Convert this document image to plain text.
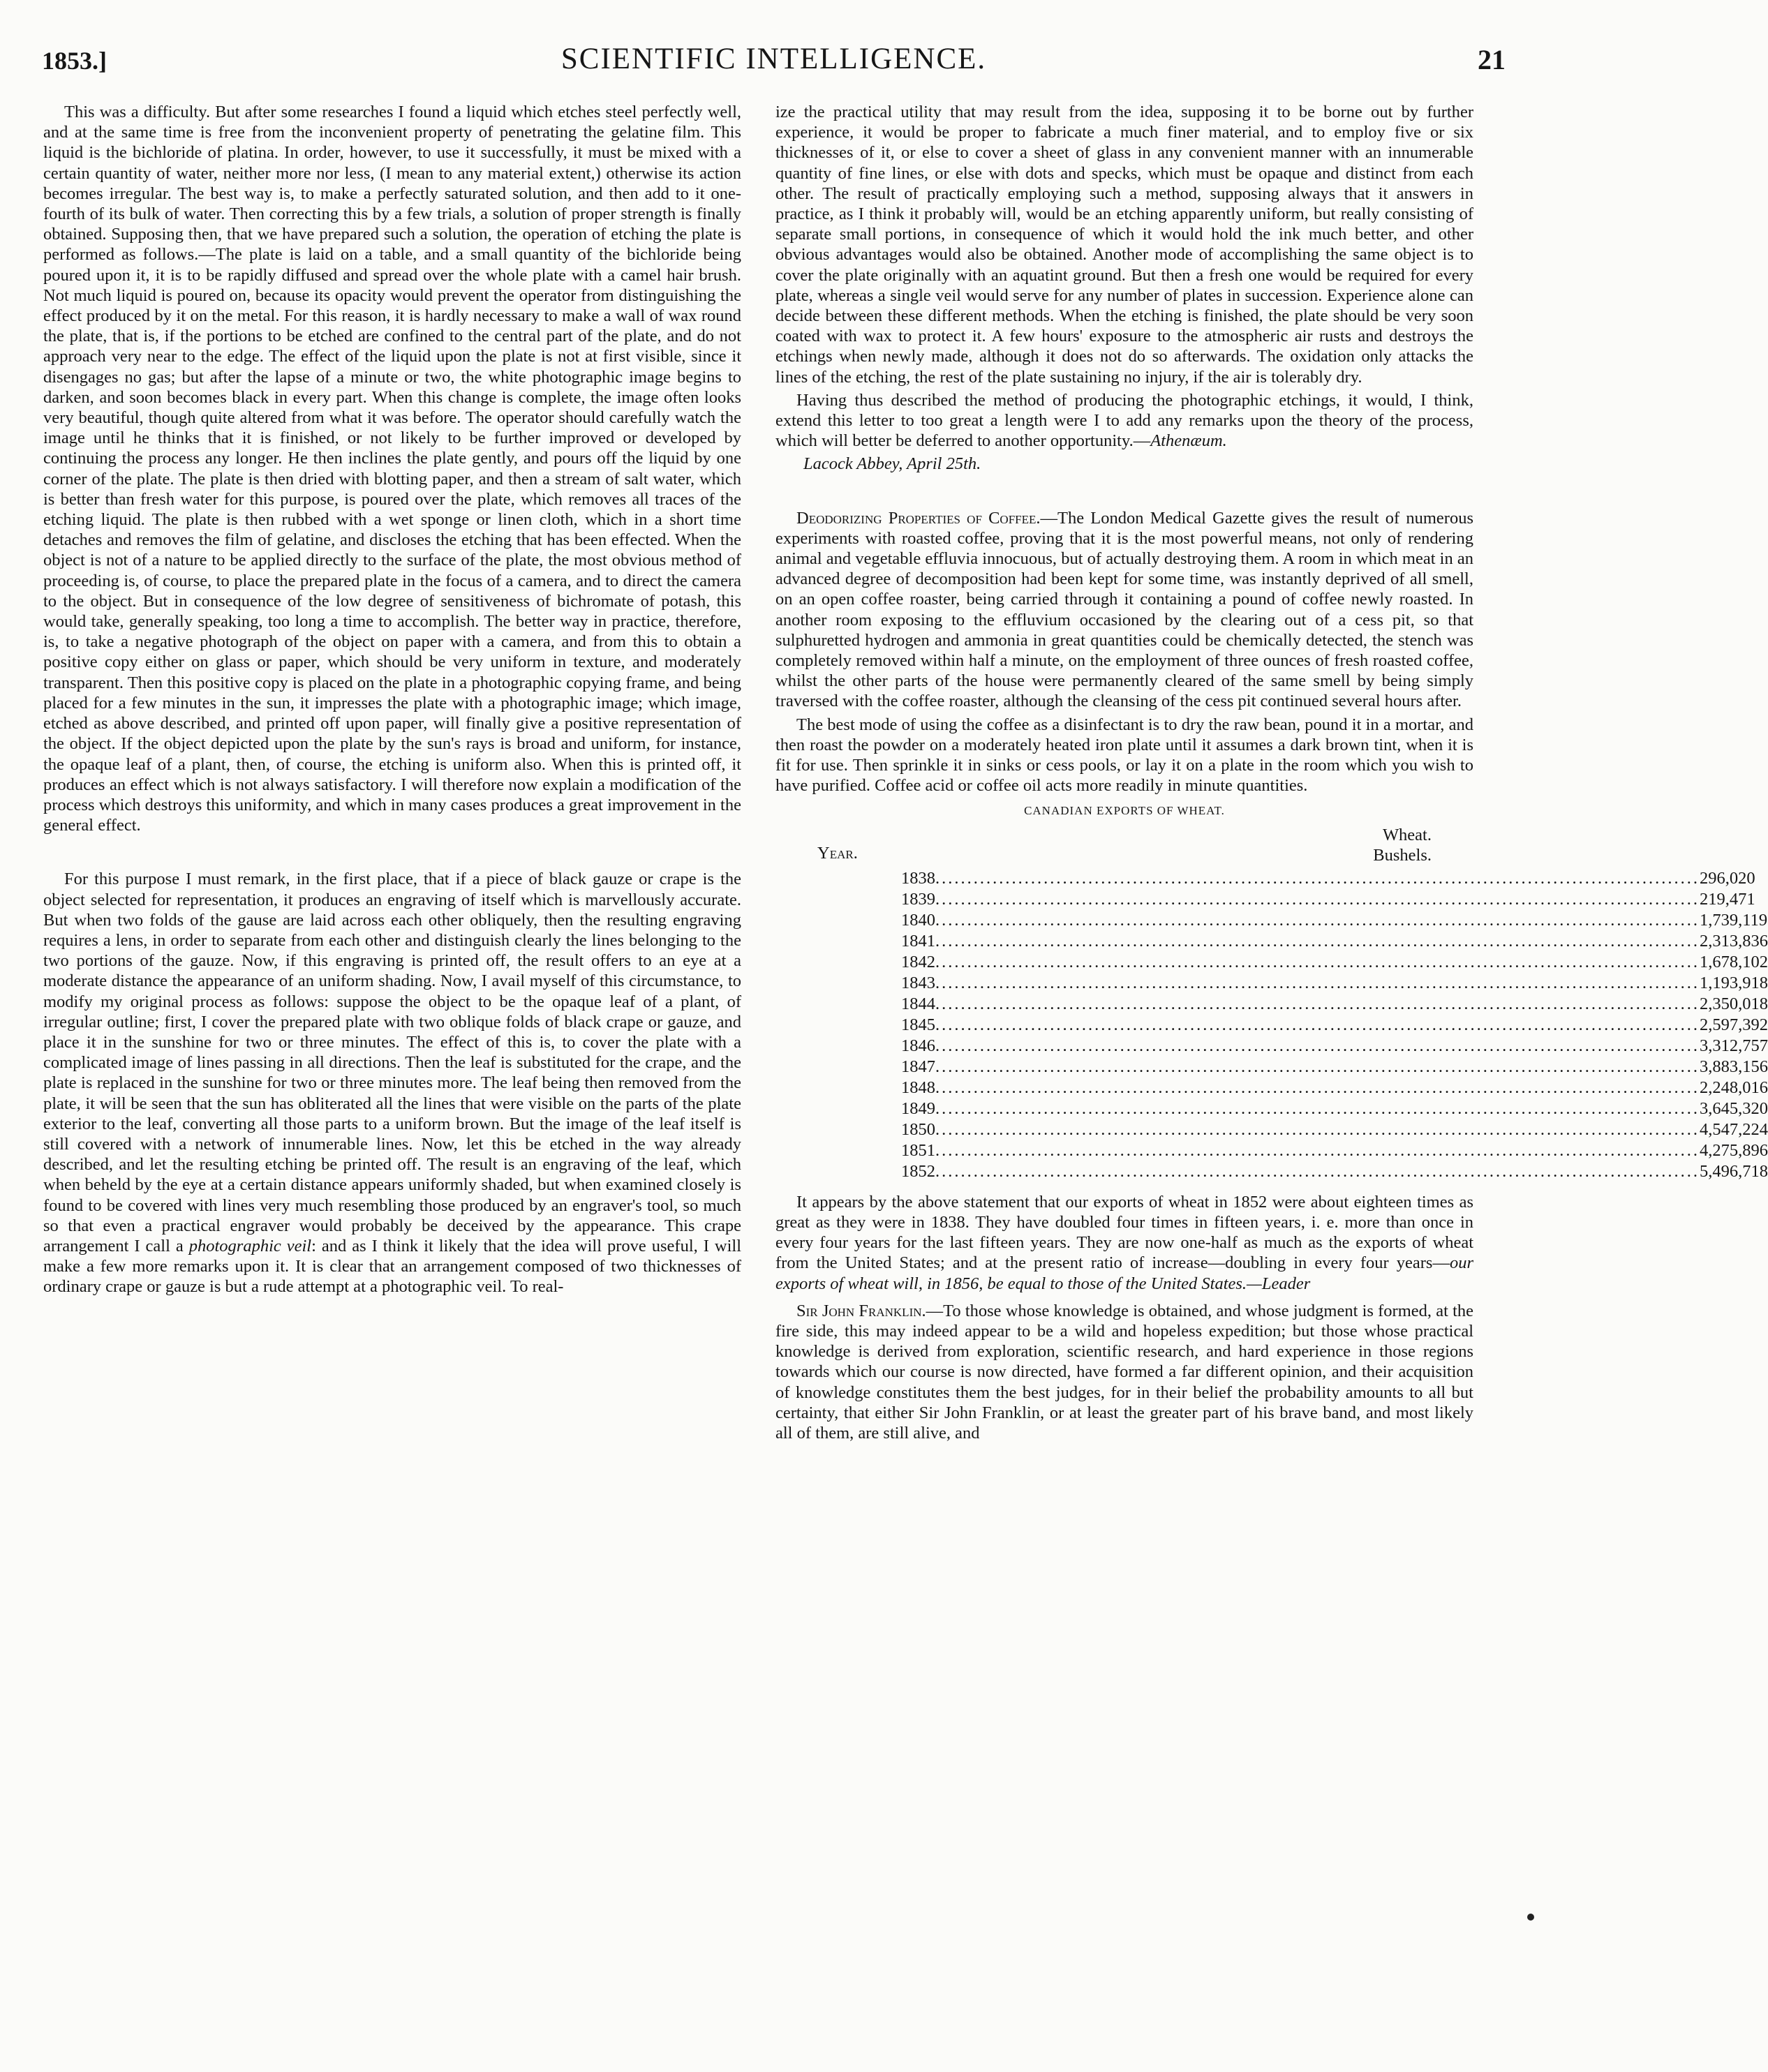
1853.]	SCIENTIFIC INTELLIGENCE.	21

This was a difficulty. But after some researches I found a liquid which etches steel perfectly well, and at the same time is free from the inconvenient property of penetrating the gelatine film. This liquid is the bichloride of platina. In order, however, to use it successfully, it must be mixed with a certain quantity of water, neither more nor less, (I mean to any material extent,) otherwise its action becomes irregular. The best way is, to make a perfectly saturated solution, and then add to it one-fourth of its bulk of water. Then correcting this by a few trials, a solution of proper strength is finally obtained. Supposing then, that we have prepared such a solution, the operation of etching the plate is performed as follows.—The plate is laid on a table, and a small quantity of the bichloride being poured upon it, it is to be rapidly diffused and spread over the whole plate with a camel hair brush. Not much liquid is poured on, because its opacity would prevent the operator from distinguishing the effect produced by it on the metal. For this reason, it is hardly necessary to make a wall of wax round the plate, that is, if the portions to be etched are confined to the central part of the plate, and do not approach very near to the edge. The effect of the liquid upon the plate is not at first visible, since it disengages no gas; but after the lapse of a minute or two, the white photographic image begins to darken, and soon becomes black in every part. When this change is complete, the image often looks very beautiful, though quite altered from what it was before. The operator should carefully watch the image until he thinks that it is finished, or not likely to be further improved or developed by continuing the process any longer. He then inclines the plate gently, and pours off the liquid by one corner of the plate. The plate is then dried with blotting paper, and then a stream of salt water, which is better than fresh water for this purpose, is poured over the plate, which removes all traces of the etching liquid. The plate is then rubbed with a wet sponge or linen cloth, which in a short time detaches and removes the film of gelatine, and discloses the etching that has been effected. When the object is not of a nature to be applied directly to the surface of the plate, the most obvious method of proceeding is, of course, to place the prepared plate in the focus of a camera, and to direct the camera to the object. But in consequence of the low degree of sensitiveness of bichromate of potash, this would take, generally speaking, too long a time to accomplish. The better way in practice, therefore, is, to take a negative photograph of the object on paper with a camera, and from this to obtain a positive copy either on glass or paper, which should be very uniform in texture, and moderately transparent. Then this positive copy is placed on the plate in a photographic copying frame, and being placed for a few minutes in the sun, it impresses the plate with a photographic image; which image, etched as above described, and printed off upon paper, will finally give a positive representation of the object. If the object depicted upon the plate by the sun's rays is broad and uniform, for instance, the opaque leaf of a plant, then, of course, the etching is uniform also. When this is printed off, it produces an effect which is not always satisfactory. I will therefore now explain a modification of the process which destroys this uniformity, and which in many cases produces a great improvement in the general effect.

For this purpose I must remark, in the first place, that if a piece of black gauze or crape is the object selected for representation, it produces an engraving of itself which is marvellously accurate. But when two folds of the gause are laid across each other obliquely, then the resulting engraving requires a lens, in order to separate from each other and distinguish clearly the lines belonging to the two portions of the gauze. Now, if this engraving is printed off, the result offers to an eye at a moderate distance the appearance of an uniform shading. Now, I avail myself of this circumstance, to modify my original process as follows: suppose the object to be the opaque leaf of a plant, of irregular outline; first, I cover the prepared plate with two oblique folds of black crape or gauze, and place it in the sunshine for two or three minutes. The effect of this is, to cover the plate with a complicated image of lines passing in all directions. Then the leaf is substituted for the crape, and the plate is replaced in the sunshine for two or three minutes more. The leaf being then removed from the plate, it will be seen that the sun has obliterated all the lines that were visible on the parts of the plate exterior to the leaf, converting all those parts to a uniform brown. But the image of the leaf itself is still covered with a network of innumerable lines. Now, let this be etched in the way already described, and let the resulting etching be printed off. The result is an engraving of the leaf, which when beheld by the eye at a certain distance appears uniformly shaded, but when examined closely is found to be covered with lines very much resembling those produced by an engraver's tool, so much so that even a practical engraver would probably be deceived by the appearance. This crape arrangement I call a photographic veil: and as I think it likely that the idea will prove useful, I will make a few more remarks upon it. It is clear that an arrangement composed of two thicknesses of ordinary crape or gauze is but a rude attempt at a photographic veil. To real-

ize the practical utility that may result from the idea, supposing it to be borne out by further experience, it would be proper to fabricate a much finer material, and to employ five or six thicknesses of it, or else to cover a sheet of glass in any convenient manner with an innumerable quantity of fine lines, or else with dots and specks, which must be opaque and distinct from each other. The result of practically employing such a method, supposing always that it answers in practice, as I think it probably will, would be an etching apparently uniform, but really consisting of separate small portions, in consequence of which it would hold the ink much better, and other obvious advantages would also be obtained. Another mode of accomplishing the same object is to cover the plate originally with an aquatint ground. But then a fresh one would be required for every plate, whereas a single veil would serve for any number of plates in succession. Experience alone can decide between these different methods. When the etching is finished, the plate should be very soon coated with wax to protect it. A few hours' exposure to the atmospheric air rusts and destroys the etchings when newly made, although it does not do so afterwards. The oxidation only attacks the lines of the etching, the rest of the plate sustaining no injury, if the air is tolerably dry.

Having thus described the method of producing the photographic etchings, it would, I think, extend this letter to too great a length were I to add any remarks upon the theory of the process, which will better be deferred to another opportunity.—Athenæum.

Lacock Abbey, April 25th.

Deodorizing Properties of Coffee.—The London Medical Gazette gives the result of numerous experiments with roasted coffee, proving that it is the most powerful means, not only of rendering animal and vegetable effluvia innocuous, but of actually destroying them. A room in which meat in an advanced degree of decomposition had been kept for some time, was instantly deprived of all smell, on an open coffee roaster, being carried through it containing a pound of coffee newly roasted. In another room exposing to the effluvium occasioned by the clearing out of a cess pit, so that sulphuretted hydrogen and ammonia in great quantities could be chemically detected, the stench was completely removed within half a minute, on the employment of three ounces of fresh roasted coffee, whilst the other parts of the house were permanently cleared of the same smell by being simply traversed with the coffee roaster, although the cleansing of the cess pit continued several hours after.

The best mode of using the coffee as a disinfectant is to dry the raw bean, pound it in a mortar, and then roast the powder on a moderately heated iron plate until it assumes a dark brown tint, when it is fit for use. Then sprinkle it in sinks or cess pools, or lay it on a plate in the room which you wish to have purified. Coffee acid or coffee oil acts more readily in minute quantities.

CANADIAN EXPORTS OF WHEAT.
Year.
Wheat.
Bushels.
1838 ........................................................................................................................ 296,020
1839 ........................................................................................................................ 219,471
1840 ........................................................................................................................ 1,739,119
1841 ........................................................................................................................ 2,313,836
1842 ........................................................................................................................ 1,678,102
1843 ........................................................................................................................ 1,193,918
1844 ........................................................................................................................ 2,350,018
1845 ........................................................................................................................ 2,597,392
1846 ........................................................................................................................ 3,312,757
1847 ........................................................................................................................ 3,883,156
1848 ........................................................................................................................ 2,248,016
1849 ........................................................................................................................ 3,645,320
1850 ........................................................................................................................ 4,547,224
1851 ........................................................................................................................ 4,275,896
1852 ........................................................................................................................ 5,496,718

It appears by the above statement that our exports of wheat in 1852 were about eighteen times as great as they were in 1838. They have doubled four times in fifteen years, i. e. more than once in every four years for the last fifteen years. They are now one-half as much as the exports of wheat from the United States; and at the present ratio of increase—doubling in every four years—our exports of wheat will, in 1856, be equal to those of the United States.—Leader

Sir John Franklin.—To those whose knowledge is obtained, and whose judgment is formed, at the fire side, this may indeed appear to be a wild and hopeless expedition; but those whose practical knowledge is derived from exploration, scientific research, and hard experience in those regions towards which our course is now directed, have formed a far different opinion, and their acquisition of knowledge constitutes them the best judges, for in their belief the probability amounts to all but certainty, that either Sir John Franklin, or at least the greater part of his brave band, and most likely all of them, are still alive, and
